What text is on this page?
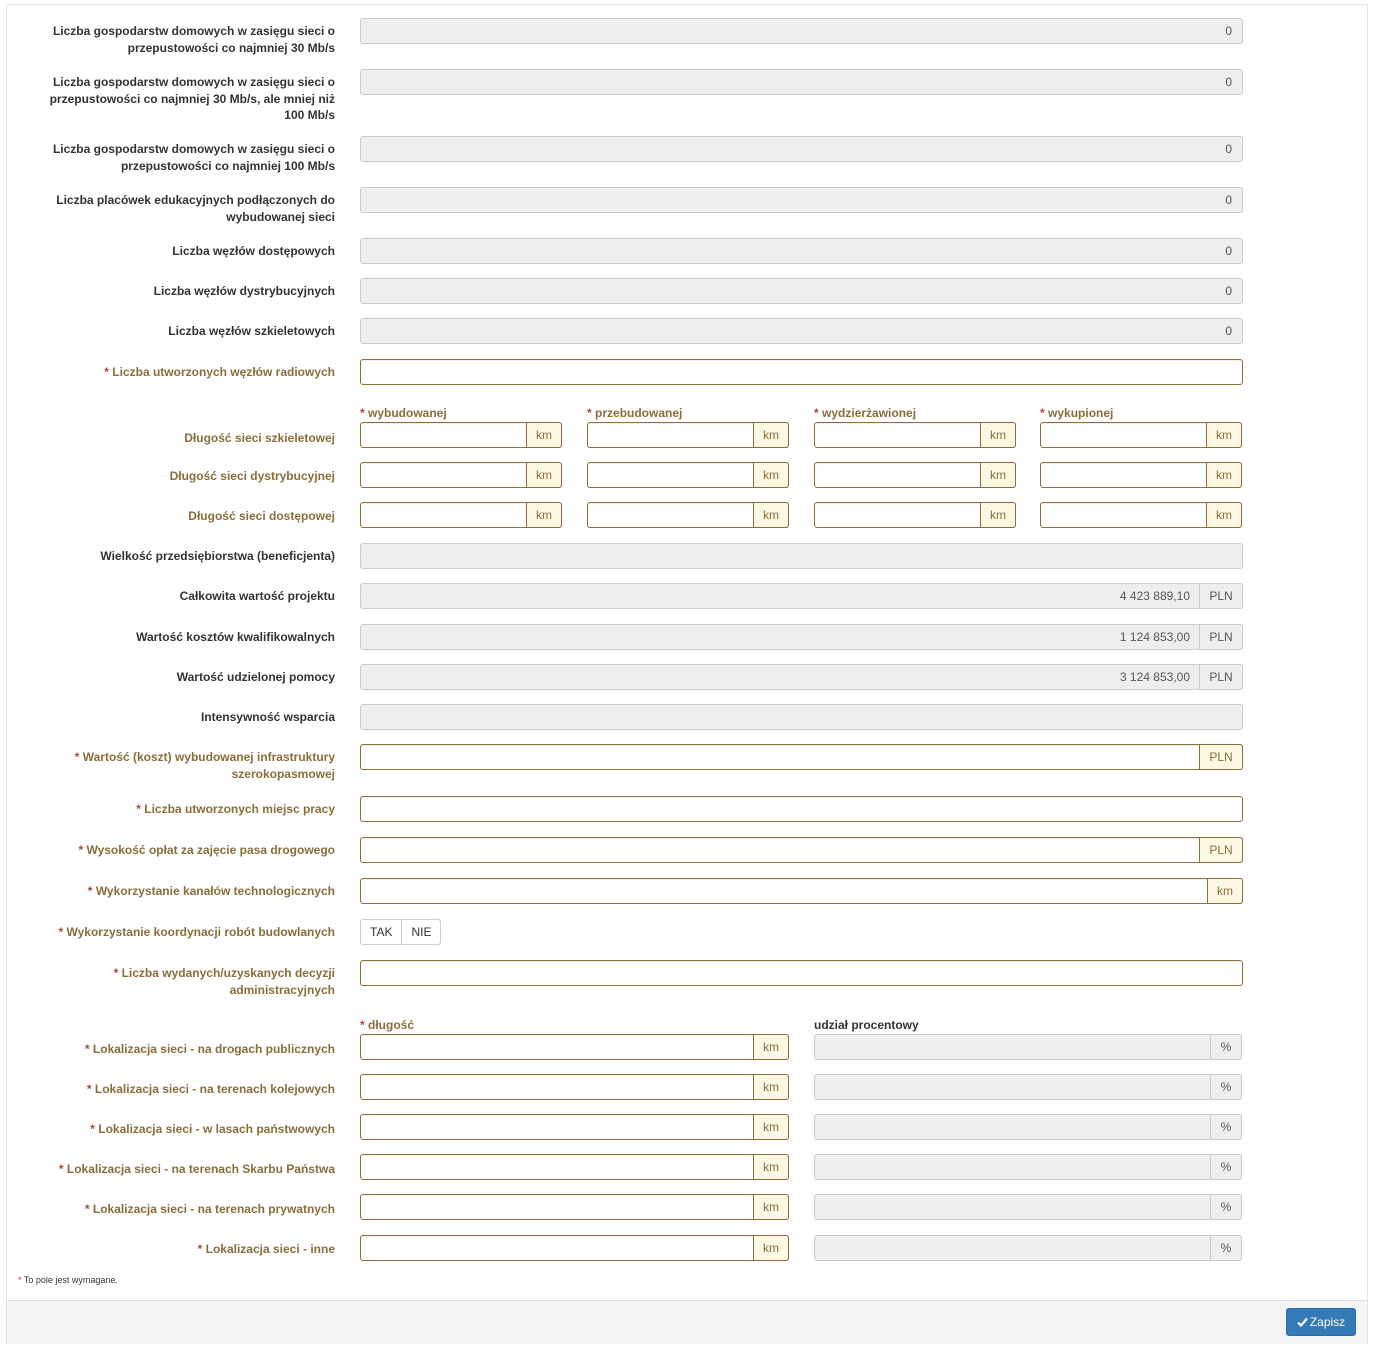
Liczba gospodarstw domowych w zasięgu sieci o przepustowości co najmniej 30 Mb/s
0
Liczba gospodarstw domowych w zasięgu sieci o przepustowości co najmniej 30 Mb/s, ale mniej niż 100 Mb/s
0
Liczba gospodarstw domowych w zasięgu sieci o przepustowości co najmniej 100 Mb/s
0
Liczba placówek edukacyjnych podłączonych do wybudowanej sieci
0
Liczba węzłów dostępowych	0
Liczba węzłów dystrybucyjnych	0
Liczba węzłów szkieletowych	0
* Liczba utworzonych węzłów radiowych
* wybudowanej	* przebudowanej	* wydzierżawionej	* wykupionej
Długość sieci szkieletowej	km	km	km	km
Długość sieci dystrybucyjnej	km	km	km	km
Długość sieci dostępowej	km	km	km	km
Wielkość przedsiębiorstwa (beneficjenta)
Całkowita wartość projektu	4 423 889,10	PLN
Wartość kosztów kwalifikowalnych	1 124 853,00	PLN
Wartość udzielonej pomocy	3 124 853,00	PLN
Intensywność wsparcia
* Wartość (koszt) wybudowanej infrastruktury szerokopasmowej
PLN
* Liczba utworzonych miejsc pracy
* Wysokość opłat za zajęcie pasa drogowego	PLN
* Wykorzystanie kanałów technologicznych	km
* Wykorzystanie koordynacji robót budowlanych	TAK	NIE
* Liczba wydanych/uzyskanych decyzji administracyjnych
* długość	udział procentowy
* Lokalizacja sieci - na drogach publicznych	km	%
* Lokalizacja sieci - na terenach kolejowych	km	%
* Lokalizacja sieci - w lasach państwowych	km	%
* Lokalizacja sieci - na terenach Skarbu Państwa	km	%
* Lokalizacja sieci - na terenach prywatnych	km	%
* Lokalizacja sieci - inne	km	%
* To pole jest wymagane.
Zapisz
